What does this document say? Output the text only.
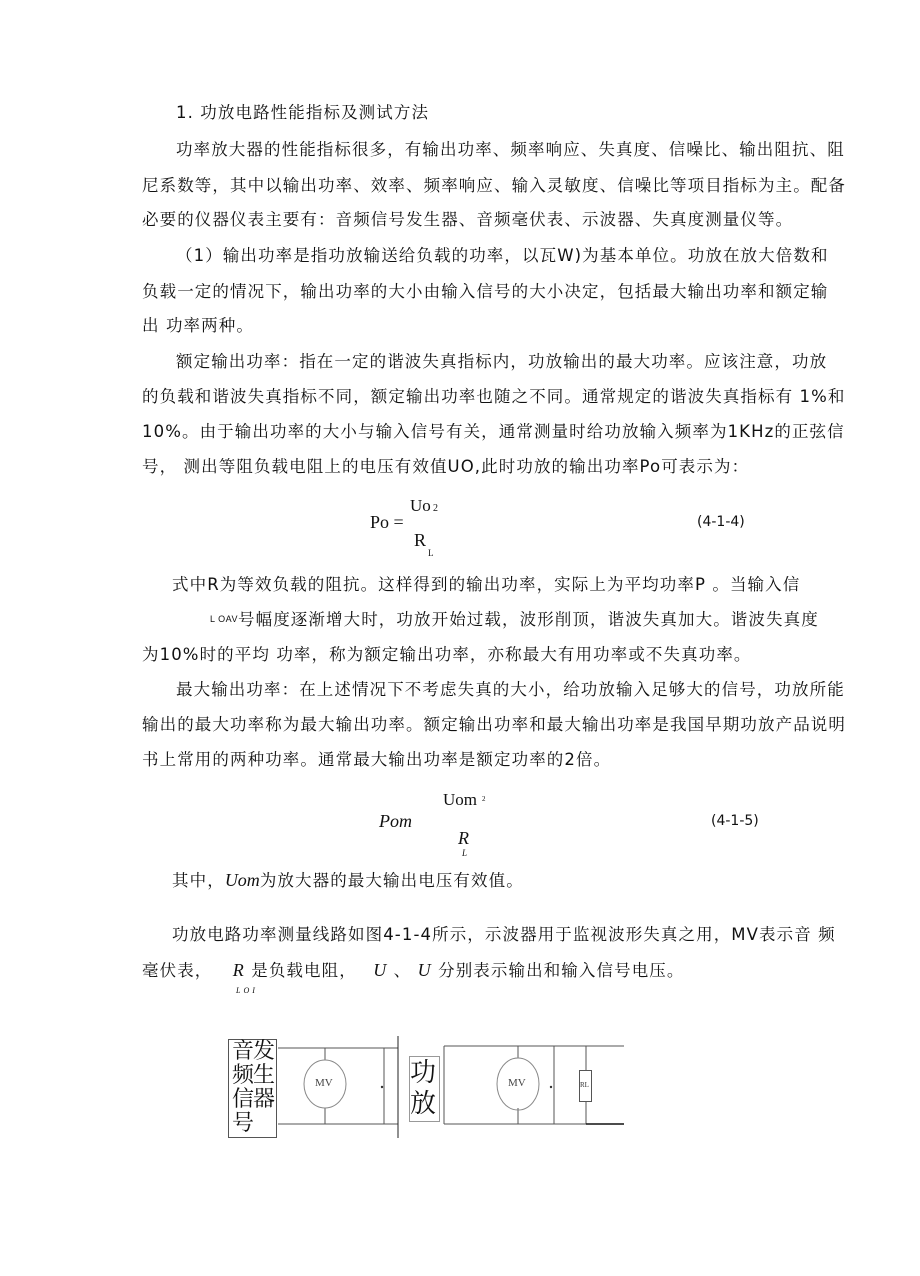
1. 功放电路性能指标及测试方法
功率放大器的性能指标很多，有输出功率、频率响应、失真度、信噪比、输出阻抗、阻
尼系数等，其中以输出功率、效率、频率响应、输入灵敏度、信噪比等项目指标为主。配备
必要的仪器仪表主要有：音频信号发生器、音频毫伏表、示波器、失真度测量仪等。
（1）输出功率是指功放输送给负载的功率，以瓦W)为基本单位。功放在放大倍数和
负载一定的情况下，输出功率的大小由输入信号的大小决定，包括最大输出功率和额定输
出 功率两种。
额定输出功率：指在一定的谐波失真指标内，功放输出的最大功率。应该注意，功放
的负载和谐波失真指标不同，额定输出功率也随之不同。通常规定的谐波失真指标有 1%和
10%。由于输出功率的大小与输入信号有关，通常测量时给功放输入频率为1KHz的正弦信
号， 测出等阻负载电阻上的电压有效值UO,此时功放的输出功率Po可表示为：
Po =
Uo 2
R
L
(4-1-4)
式中R为等效负载的阻抗。这样得到的输出功率，实际上为平均功率P 。当输入信
L OAV 号幅度逐渐增大时，功放开始过载，波形削顶，谐波失真加大。谐波失真度
为10%时的平均 功率，称为额定输出功率，亦称最大有用功率或不失真功率。
最大输出功率：在上述情况下不考虑失真的大小，给功放输入足够大的信号，功放所能
输出的最大功率称为最大输出功率。额定输出功率和最大输出功率是我国早期功放产品说明
书上常用的两种功率。通常最大输出功率是额定功率的2倍。
Pom
Uom 2
R
L
(4-1-5)
其中，Uom为放大器的最大输出电压有效值。
功放电路功率测量线路如图4-1-4所示，示波器用于监视波形失真之用，MV表示音 频
毫伏表， R 是负载电阻， U 、 U 分别表示输出和输入信号电压。
LOI
音发
频生
信器
号
功
放
MV	MV	RL
